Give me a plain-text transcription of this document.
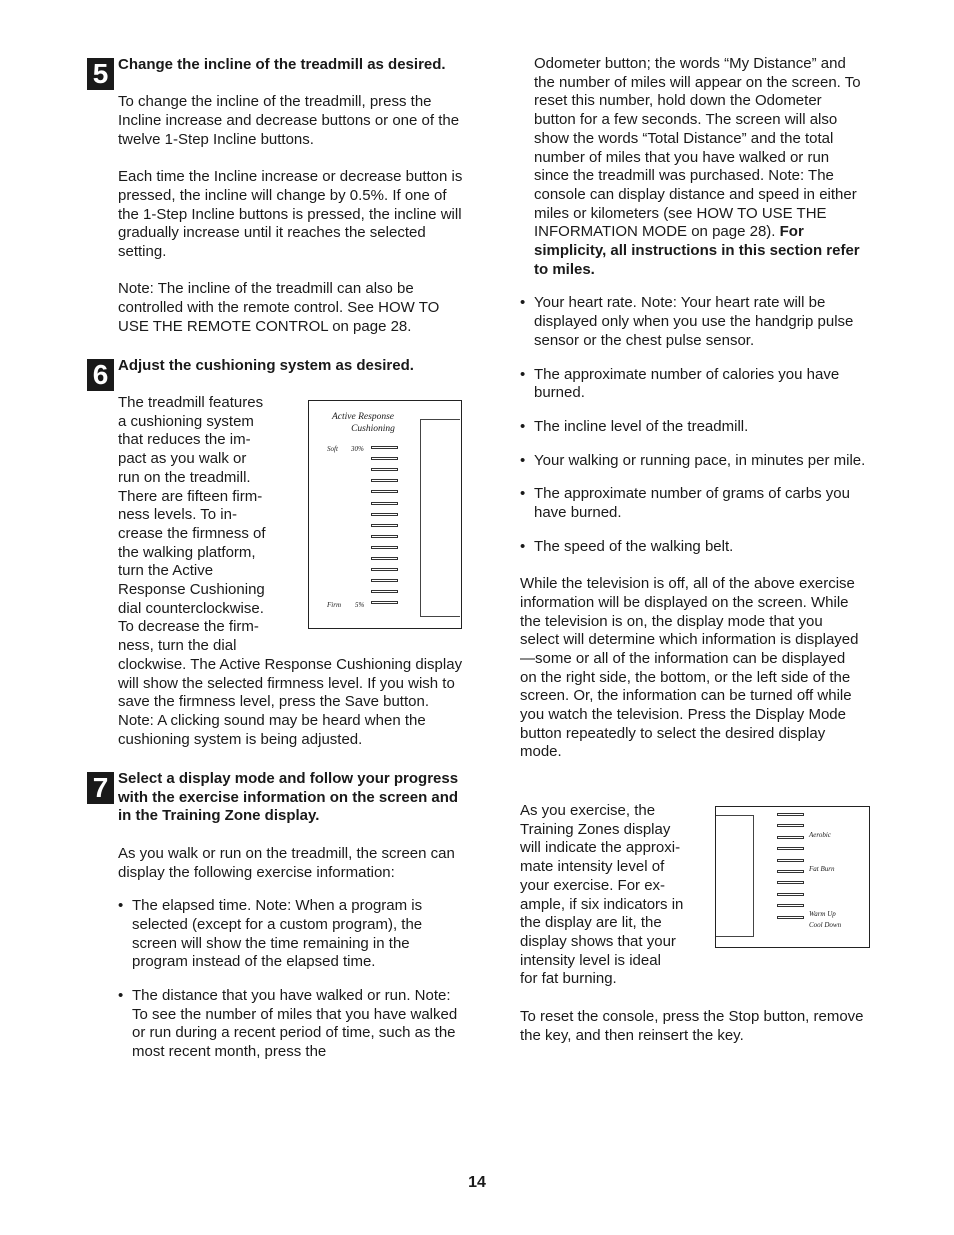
5 Change the incline of the treadmill as desired.

To change the incline of the treadmill, press the Incline increase and decrease buttons or one of the twelve 1-Step Incline buttons.

Each time the Incline increase or decrease button is pressed, the incline will change by 0.5%. If one of the 1-Step Incline buttons is pressed, the incline will gradually increase until it reaches the selected setting.

Note: The incline of the treadmill can also be controlled with the remote control. See HOW TO USE THE REMOTE CONTROL on page 28.

6 Adjust the cushioning system as desired.

The treadmill features
a cushioning system
that reduces the im-
pact as you walk or
run on the treadmill.
There are fifteen firm-
ness levels. To in-
crease the firmness of
the walking platform,
turn the Active
Response Cushioning
dial counterclockwise.
To decrease the firm-
ness, turn the dial

clockwise. The Active Response Cushioning display will show the selected firmness level. If you wish to save the firmness level, press the Save button. Note: A clicking sound may be heard when the cushioning system is being adjusted.

Active Response
Cushioning
Soft 30%
Firm 5%
7 Select a display mode and follow your progress with the exercise information on the screen and in the Training Zone display.

As you walk or run on the treadmill, the screen can display the following exercise information:

• The elapsed time. Note: When a program is selected (except for a custom program), the screen will show the time remaining in the program instead of the elapsed time.
• The distance that you have walked or run. Note: To see the number of miles that you have walked or run during a recent period of time, such as the most recent month, press the
Odometer button; the words “My Distance” and the number of miles will appear on the screen. To reset this number, hold down the Odometer button for a few seconds. The screen will also show the words “Total Distance” and the total number of miles that you have walked or run since the treadmill was purchased. Note: The console can display distance and speed in either miles or kilometers (see HOW TO USE THE INFORMATION MODE on page 28). For simplicity, all instructions in this section refer to miles.
• Your heart rate. Note: Your heart rate will be displayed only when you use the handgrip pulse sensor or the chest pulse sensor.
• The approximate number of calories you have burned.
• The incline level of the treadmill.
• Your walking or running pace, in minutes per mile.
• The approximate number of grams of carbs you have burned.
• The speed of the walking belt.

While the television is off, all of the above exercise information will be displayed on the screen. While the television is on, the display mode that you select will determine which information is displayed—some or all of the information can be displayed on the right side, the bottom, or the left side of the screen. Or, the information can be turned off while you watch the television. Press the Display Mode button repeatedly to select the desired display mode.

As you exercise, the
Training Zones display
will indicate the approxi-
mate intensity level of
your exercise. For ex-
ample, if six indicators in
the display are lit, the
display shows that your
intensity level is ideal
for fat burning.
Aerobic
Fat Burn
Warm Up
Cool Down

To reset the console, press the Stop button, remove the key, and then reinsert the key.

14
